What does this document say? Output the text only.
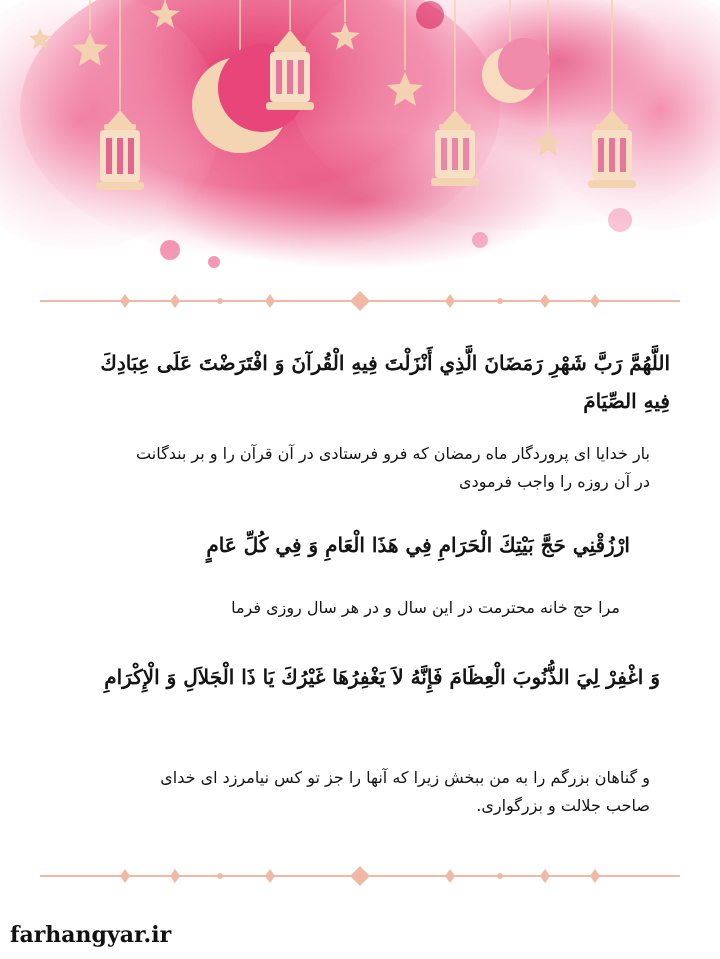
اللَّهُمَّ رَبَّ شَهْرِ رَمَضَانَ الَّذِي أَنْزَلْتَ فِيهِ الْقُرآنَ وَ افْتَرَضْتَ عَلَى عِبَادِكَ فِيهِ الصِّيَامَ
بار خدایا ای پروردگار ماه رمضان که فرو فرستادی در آن قرآن را و بر بندگانت در آن روزه را واجب فرمودی
ارْزُقْنِي حَجَّ بَيْتِكَ الْحَرَامِ فِي هَذَا الْعَامِ وَ فِي كُلِّ عَامٍ
مرا حج خانه محترمت در این سال و در هر سال روزی فرما
وَ اغْفِرْ لِيَ الذُّنُوبَ الْعِظَامَ فَإِنَّهُ لاَ يَغْفِرُهَا غَيْرُكَ يَا ذَا الْجَلاَلِ وَ الْإِكْرَامِ
و گناهان بزرگم را به من ببخش زیرا که آنها را جز تو کس نیامرزد ای خدای صاحب جلالت و بزرگواری.
farhangyar.ir
